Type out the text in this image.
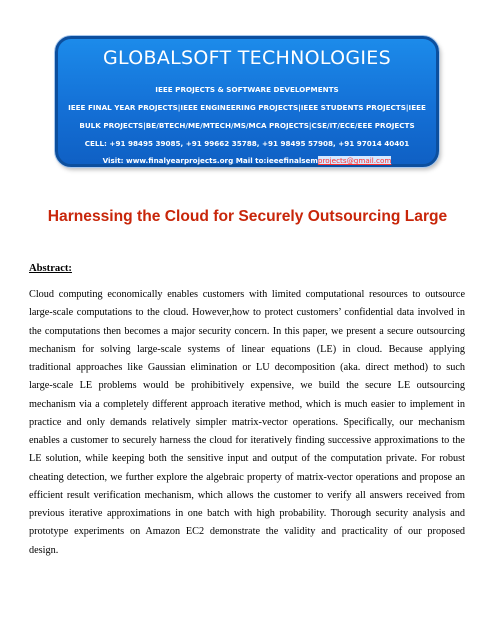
GLOBALSOFT TECHNOLOGIES
IEEE PROJECTS & SOFTWARE DEVELOPMENTS
IEEE FINAL YEAR PROJECTS|IEEE ENGINEERING PROJECTS|IEEE STUDENTS PROJECTS|IEEE
BULK PROJECTS|BE/BTECH/ME/MTECH/MS/MCA PROJECTS|CSE/IT/ECE/EEE PROJECTS
CELL: +91 98495 39085, +91 99662 35788, +91 98495 57908, +91 97014 40401
Visit: www.finalyearprojects.org Mail to:ieeefinalsemprojects@gmail.com
Harnessing the Cloud for Securely Outsourcing Large
Abstract:

Cloud computing economically enables customers with limited computational resources to outsource large-scale computations to the cloud. However,how to protect customers’ confidential data involved in the computations then becomes a major security concern. In this paper, we present a secure outsourcing mechanism for solving large-scale systems of linear equations (LE) in cloud. Because applying traditional approaches like Gaussian elimination or LU decomposition (aka. direct method) to such large-scale LE problems would be prohibitively expensive, we build the secure LE outsourcing mechanism via a completely different approach iterative method, which is much easier to implement in practice and only demands relatively simpler matrix-vector operations. Specifically, our mechanism enables a customer to securely harness the cloud for iteratively finding successive approximations to the LE solution, while keeping both the sensitive input and output of the computation private. For robust cheating detection, we further explore the algebraic property of matrix-vector operations and propose an efficient result verification mechanism, which allows the customer to verify all answers received from previous iterative approximations in one batch with high probability. Thorough security analysis and prototype experiments on Amazon EC2 demonstrate the validity and practicality of our proposed design.
